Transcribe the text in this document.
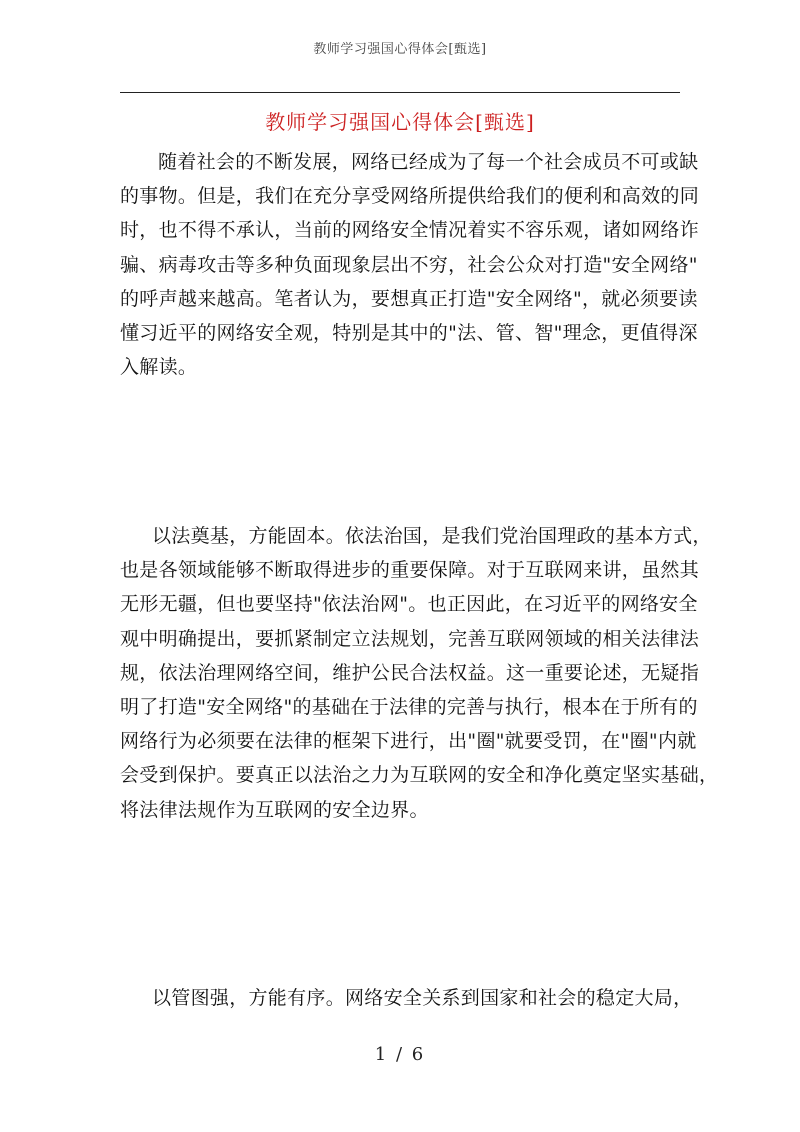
教师学习强国心得体会[甄选]
教师学习强国心得体会[甄选]
随着社会的不断发展，网络已经成为了每一个社会成员不可或缺
的事物。但是，我们在充分享受网络所提供给我们的便利和高效的同
时，也不得不承认，当前的网络安全情况着实不容乐观，诸如网络诈
骗、病毒攻击等多种负面现象层出不穷，社会公众对打造"安全网络"
的呼声越来越高。笔者认为，要想真正打造"安全网络"，就必须要读
懂习近平的网络安全观，特别是其中的"法、管、智"理念，更值得深
入解读。
以法奠基，方能固本。依法治国，是我们党治国理政的基本方式，
也是各领域能够不断取得进步的重要保障。对于互联网来讲，虽然其
无形无疆，但也要坚持"依法治网"。也正因此，在习近平的网络安全
观中明确提出，要抓紧制定立法规划，完善互联网领域的相关法律法
规，依法治理网络空间，维护公民合法权益。这一重要论述，无疑指
明了打造"安全网络"的基础在于法律的完善与执行，根本在于所有的
网络行为必须要在法律的框架下进行，出"圈"就要受罚，在"圈"内就
会受到保护。要真正以法治之力为互联网的安全和净化奠定坚实基础，
将法律法规作为互联网的安全边界。
以管图强，方能有序。网络安全关系到国家和社会的稳定大局，
1 / 6
